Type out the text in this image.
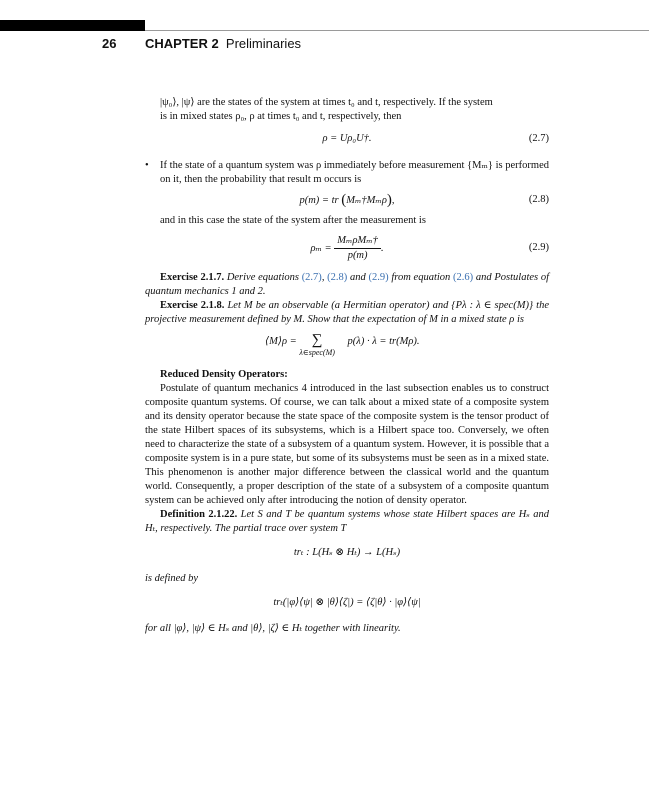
26 CHAPTER 2 Preliminaries

|ψ₀⟩, |ψ⟩ are the states of the system at times t₀ and t, respectively. If the system

is in mixed states ρ₀, ρ at times t₀ and t, respectively, then

ρ = Uρ₀U†.	(2.7)
• If the state of a quantum system was ρ immediately before measurement {Mₘ} is performed on it, then the probability that result m occurs is

p(m) = tr (Mₘ†Mₘρ),	(2.8)

and in this case the state of the system after the measurement is

$\rho_m = \frac{\text{MₘρMₘ†}}{p(m)}$ .	(2.9)

Exercise 2.1.7. Derive equations (2.7), (2.8) and (2.9) from equation (2.6) and Postulates of quantum mechanics 1 and 2.

Exercise 2.1.8. Let M be an observable (a Hermitian operator) and {Pλ : λ ∈ spec(M)} the projective measurement defined by M. Show that the expectation of M in a mixed state ρ is

⟨M⟩ρ =	∑
λ∈spec(M)
p(λ) · λ = tr(Mρ).

Reduced Density Operators:

Postulate of quantum mechanics 4 introduced in the last subsection enables us to construct composite quantum systems. Of course, we can talk about a mixed state of a composite system and its density operator because the state space of the composite system is the tensor product of the state Hilbert spaces of its subsystems, which is a Hilbert space too. Conversely, we often need to characterize the state of a subsystem of a quantum system. However, it is possible that a composite system is in a pure state, but some of its subsystems must be seen as in a mixed state. This phenomenon is another major difference between the classical world and the quantum world. Consequently, a proper description of the state of a subsystem of a composite quantum system can be achieved only after introducing the notion of density operator.

Definition 2.1.22. Let S and T be quantum systems whose state Hilbert spaces are Hₛ and Hₜ, respectively. The partial trace over system T

trₜ : L(Hₛ ⊗ Hₜ) → L(Hₛ)

is defined by

trₜ(|φ⟩⟨ψ| ⊗ |θ⟩⟨ζ|) = ⟨ζ|θ⟩ · |φ⟩⟨ψ|

for all |φ⟩, |ψ⟩ ∈ Hₛ and |θ⟩, |ζ⟩ ∈ Hₜ together with linearity.
